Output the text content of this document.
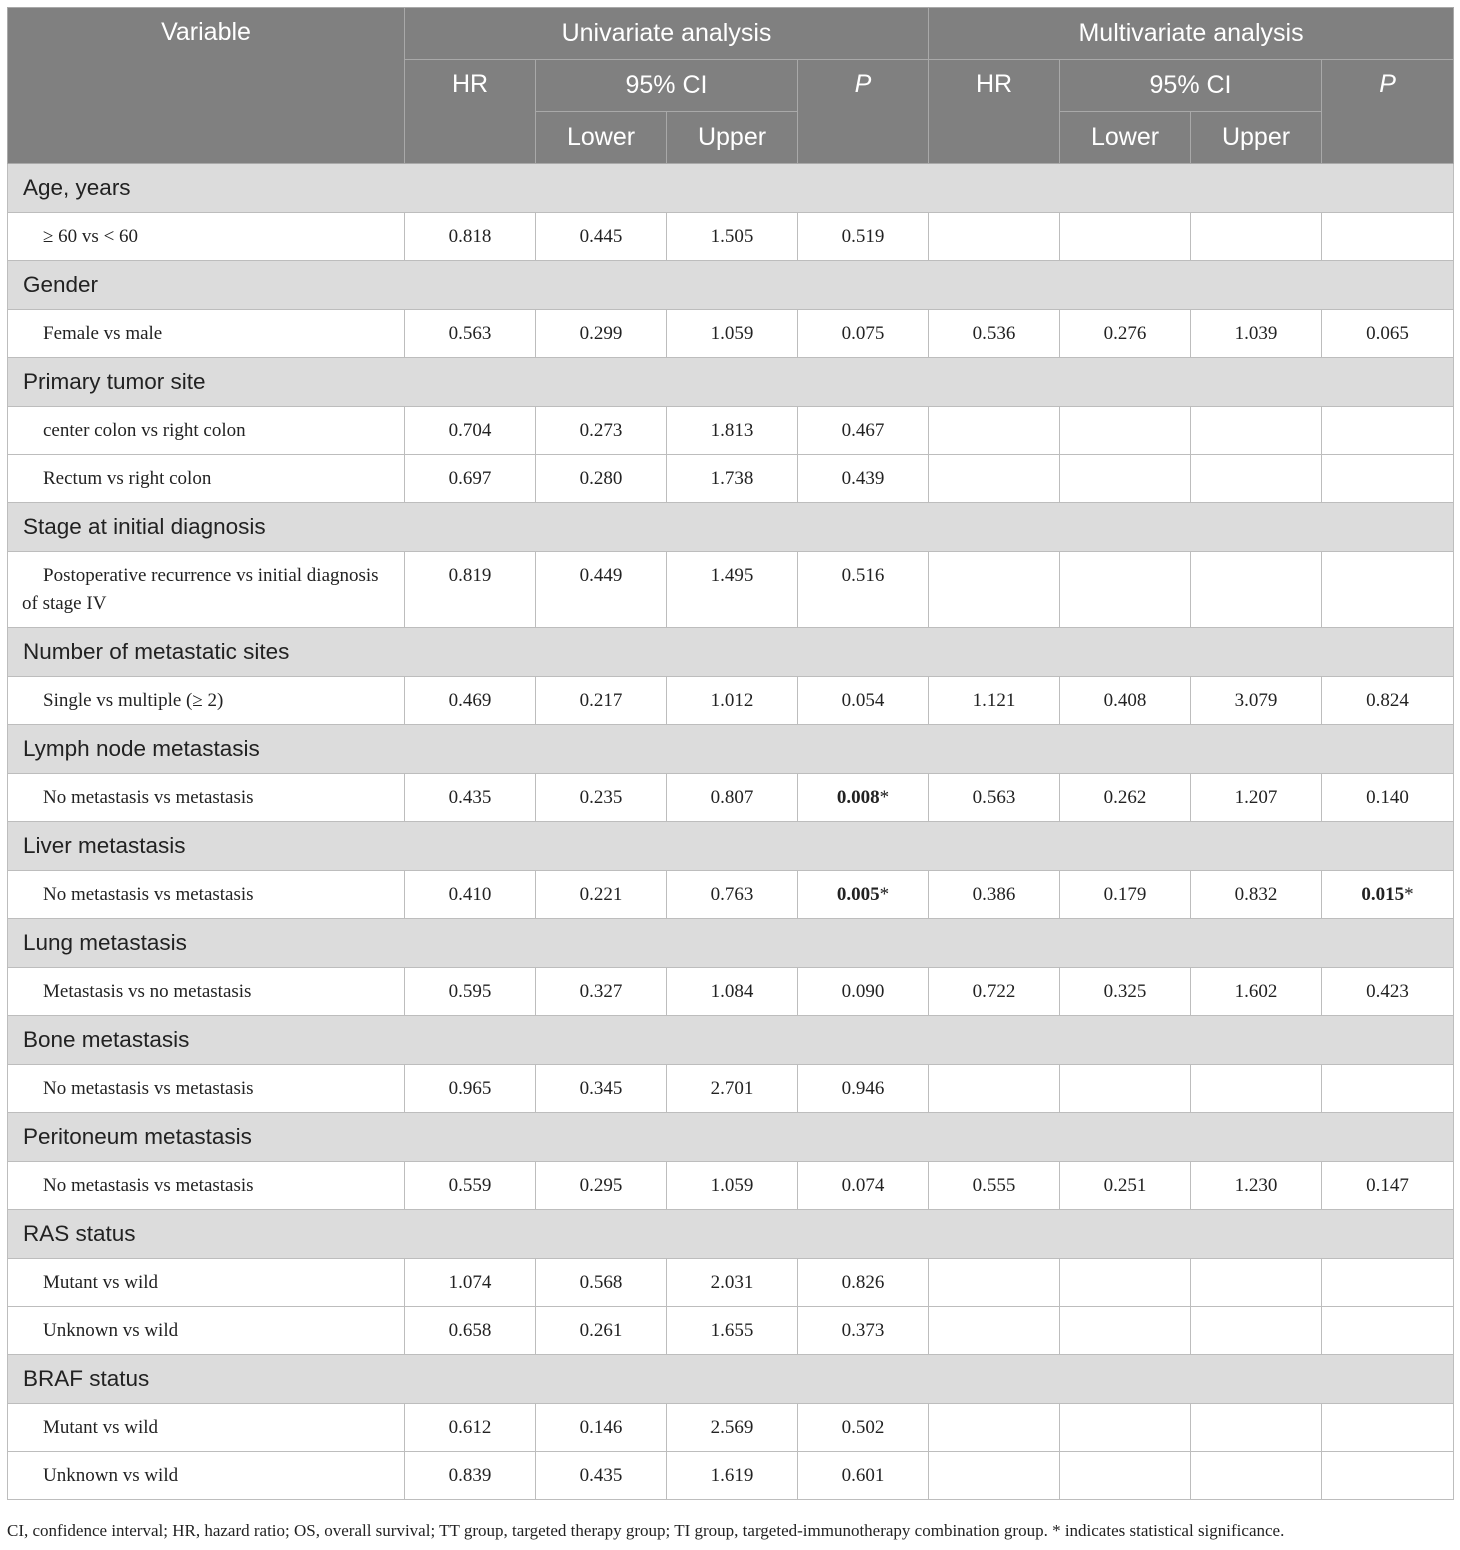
Variable	Univariate analysis				Multivariate analysis			
	HR	95% CI		P	HR	95% CI		P
		Lower	Upper			Lower	Upper	
Age, years								
≥ 60 vs < 60	0.818	0.445	1.505	0.519				
Gender								
Female vs male	0.563	0.299	1.059	0.075	0.536	0.276	1.039	0.065
Primary tumor site								
center colon vs right colon	0.704	0.273	1.813	0.467				
Rectum vs right colon	0.697	0.280	1.738	0.439				
Stage at initial diagnosis								
Postoperative recurrence vs initial diagnosis of stage IV	0.819	0.449	1.495	0.516				
Number of metastatic sites								
Single vs multiple (≥ 2)	0.469	0.217	1.012	0.054	1.121	0.408	3.079	0.824
Lymph node metastasis								
No metastasis vs metastasis	0.435	0.235	0.807	0.008*	0.563	0.262	1.207	0.140
Liver metastasis								
No metastasis vs metastasis	0.410	0.221	0.763	0.005*	0.386	0.179	0.832	0.015*
Lung metastasis								
Metastasis vs no metastasis	0.595	0.327	1.084	0.090	0.722	0.325	1.602	0.423
Bone metastasis								
No metastasis vs metastasis	0.965	0.345	2.701	0.946				
Peritoneum metastasis								
No metastasis vs metastasis	0.559	0.295	1.059	0.074	0.555	0.251	1.230	0.147
RAS status								
Mutant vs wild	1.074	0.568	2.031	0.826				
Unknown vs wild	0.658	0.261	1.655	0.373				
BRAF status								
Mutant vs wild	0.612	0.146	2.569	0.502				
Unknown vs wild	0.839	0.435	1.619	0.601				
CI, confidence interval; HR, hazard ratio; OS, overall survival; TT group, targeted therapy group; TI group, targeted-immunotherapy combination group. * indicates statistical significance.
